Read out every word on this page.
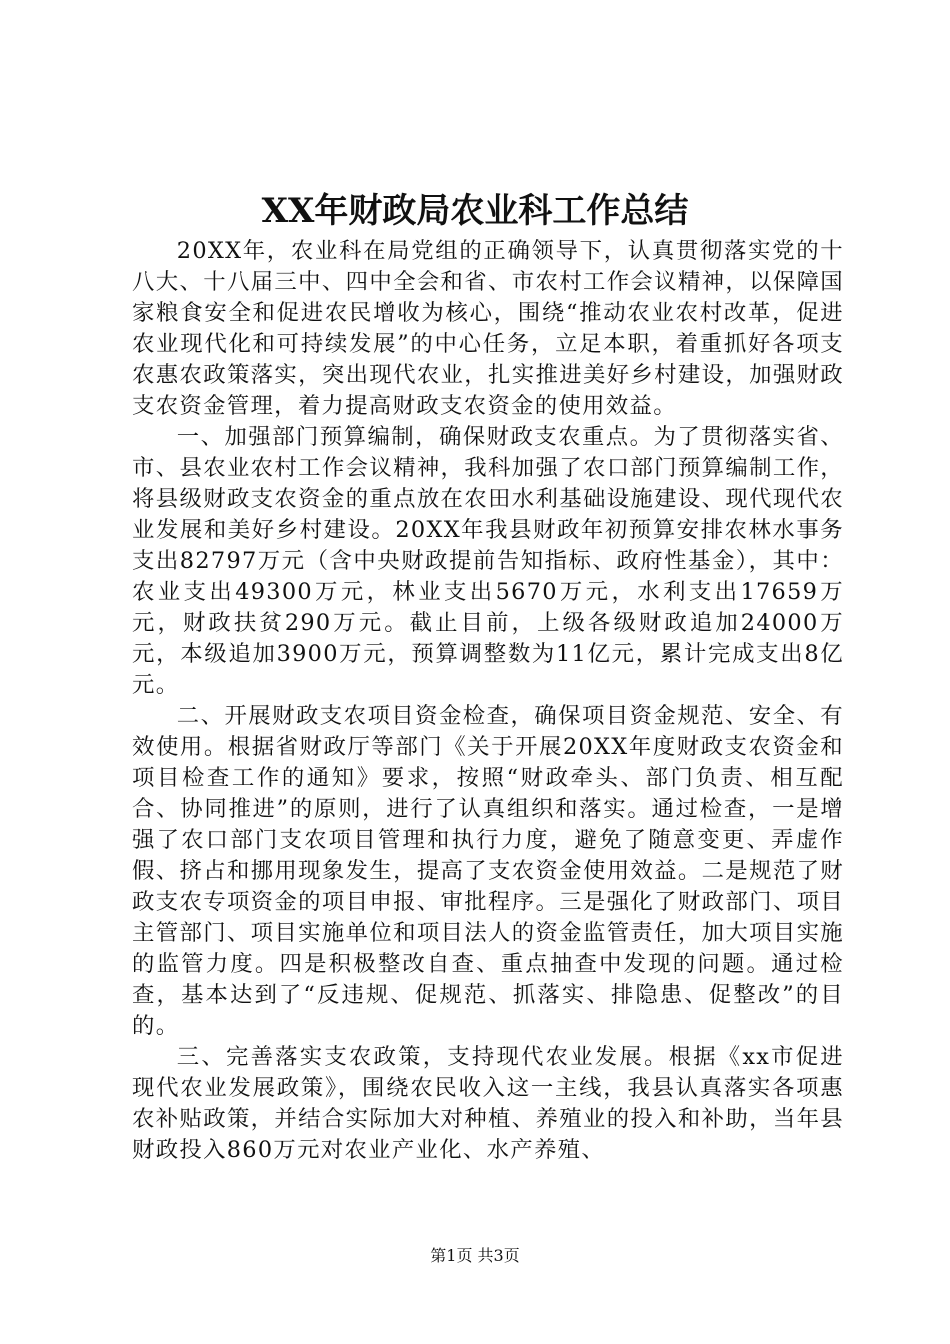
XX年财政局农业科工作总结

20XX年，农业科在局党组的正确领导下，认真贯彻落实党的十八大、十八届三中、四中全会和省、市农村工作会议精神，以保障国家粮食安全和促进农民增收为核心，围绕“推动农业农村改革，促进农业现代化和可持续发展”的中心任务，立足本职，着重抓好各项支农惠农政策落实，突出现代农业，扎实推进美好乡村建设，加强财政支农资金管理，着力提高财政支农资金的使用效益。

一、加强部门预算编制，确保财政支农重点。为了贯彻落实省、市、县农业农村工作会议精神，我科加强了农口部门预算编制工作，将县级财政支农资金的重点放在农田水利基础设施建设、现代现代农业发展和美好乡村建设。20XX年我县财政年初预算安排农林水事务支出82797万元（含中央财政提前告知指标、政府性基金），其中：农业支出49300万元，林业支出5670万元，水利支出17659万元，财政扶贫290万元。截止目前，上级各级财政追加24000万元，本级追加3900万元，预算调整数为11亿元，累计完成支出8亿元。

二、开展财政支农项目资金检查，确保项目资金规范、安全、有效使用。根据省财政厅等部门《关于开展20XX年度财政支农资金和项目检查工作的通知》要求，按照“财政牵头、部门负责、相互配合、协同推进”的原则，进行了认真组织和落实。通过检查，一是增强了农口部门支农项目管理和执行力度，避免了随意变更、弄虚作假、挤占和挪用现象发生，提高了支农资金使用效益。二是规范了财政支农专项资金的项目申报、审批程序。三是强化了财政部门、项目主管部门、项目实施单位和项目法人的资金监管责任，加大项目实施的监管力度。四是积极整改自查、重点抽查中发现的问题。通过检查，基本达到了“反违规、促规范、抓落实、排隐患、促整改”的目的。

三、完善落实支农政策，支持现代农业发展。根据《xx市促进现代农业发展政策》，围绕农民收入这一主线，我县认真落实各项惠农补贴政策，并结合实际加大对种植、养殖业的投入和补助，当年县财政投入860万元对农业产业化、水产养殖、

第1页 共3页
